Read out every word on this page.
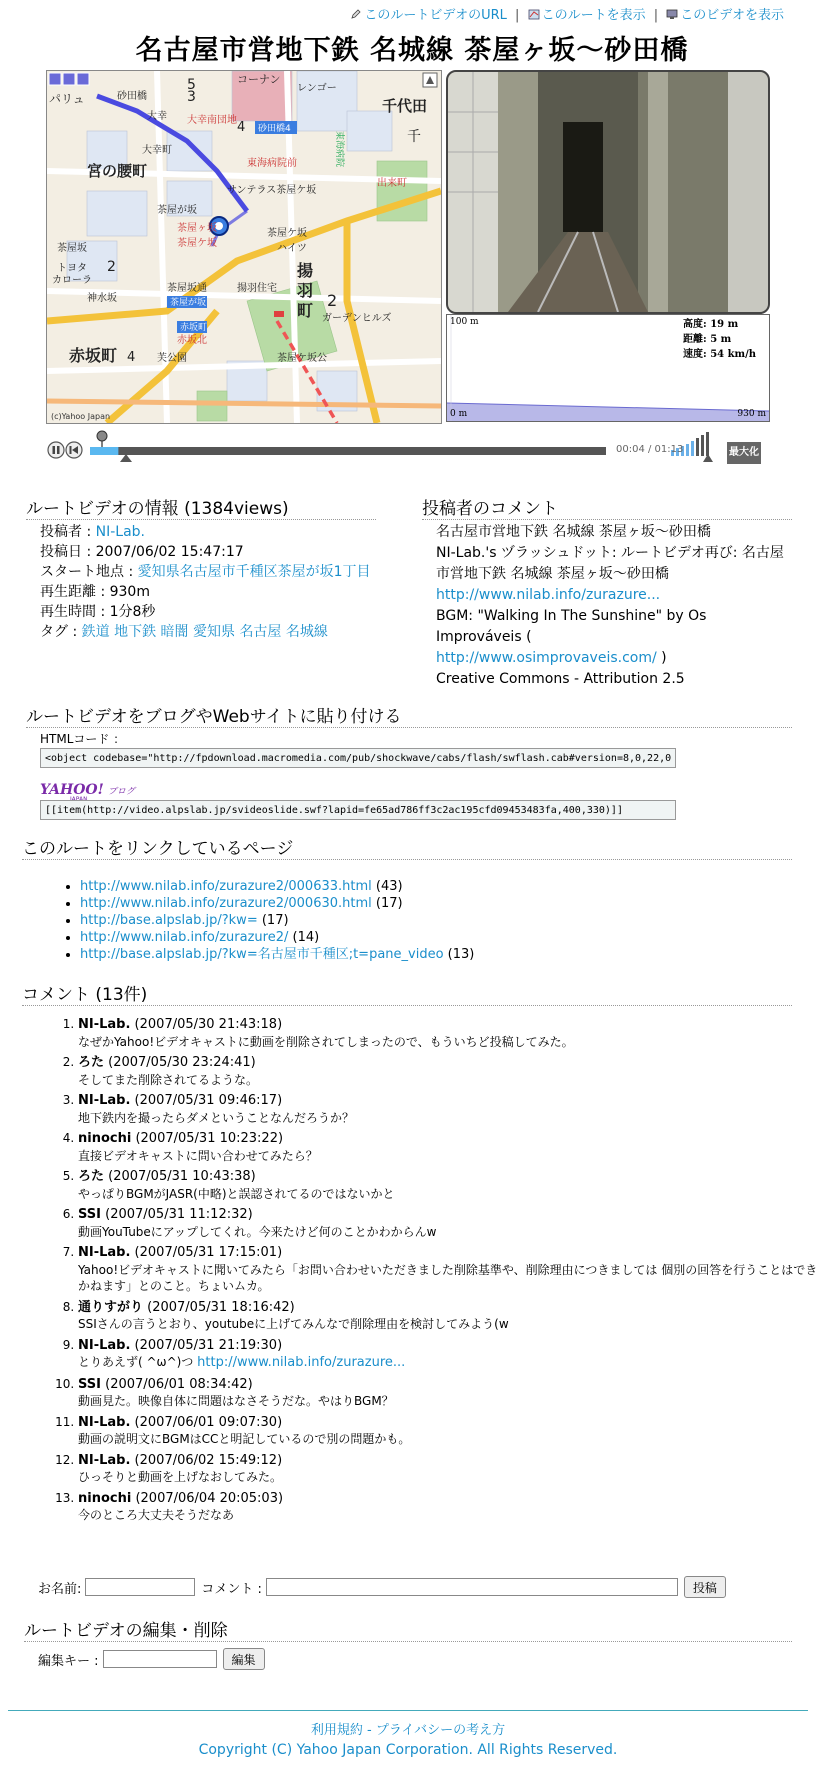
このルートビデオのURL | このルートを表示 | このビデオを表示
名古屋市営地下鉄 名城線 茶屋ヶ坂〜砂田橋
パリュ	砂田橋
5	コーナン
レンゴー
大幸
3
大幸南団地 4 砂田橋4
千代田
東海病院	千
大幸町
東海病院前
出来町
宮の腰町
サンテラス茶屋ケ坂
茶屋が坂
茶屋ヶ坂
茶屋ケ坂
茶屋ケ坂
ハイツ
揚
羽
町
2
ガーデンヒルズ
揚羽住宅
茶屋坂通
茶屋が坂
赤坂町
赤坂北
茶屋ケ坂公
赤坂町 4
トヨタ
カローラ
2
茶屋坂
神水坂
芙公園
(c)Yahoo Japan
100 m
0 m	930 m
高度: 19 m
距離: 5 m
速度: 54 km/h
00:04 / 01:13	最大化
ルートビデオの情報 (1384views)
投稿者 : NI-Lab.
投稿日 : 2007/06/02 15:47:17
スタート地点 : 愛知県名古屋市千種区茶屋が坂1丁目
再生距離 : 930m
再生時間 : 1分8秒
タグ : 鉄道 地下鉄 暗闇 愛知県 名古屋 名城線
投稿者のコメント
名古屋市営地下鉄 名城線 茶屋ヶ坂〜砂田橋
NI-Lab.'s ヅラッシュドット: ルートビデオ再び: 名古屋市営地下鉄 名城線 茶屋ヶ坂〜砂田橋
http://www.nilab.info/zurazure...
BGM: "Walking In The Sunshine" by Os Improváveis (
http://www.osimprovaveis.com/ )
Creative Commons - Attribution 2.5
ルートビデオをブログやWebサイトに貼り付ける
HTMLコード ：
<object codebase="http://fpdownload.macromedia.com/pub/shockwave/cabs/flash/swflash.cab#version=8,0,22,0
YAHOO! ブログ
[[item(http://video.alpslab.jp/svideoslide.swf?lapid=fe65ad786ff3c2ac195cfd09453483fa,400,330)]]
このルートをリンクしているページ
• http://www.nilab.info/zurazure2/000633.html (43)
• http://www.nilab.info/zurazure2/000630.html (17)
• http://base.alpslab.jp/?kw= (17)
• http://www.nilab.info/zurazure2/ (14)
• http://base.alpslab.jp/?kw=名古屋市千種区;t=pane_video (13)
コメント (13件)
1. NI-Lab. (2007/05/30 21:43:18)
なぜかYahoo!ビデオキャストに動画を削除されてしまったので、もういちど投稿してみた。
2. ろた (2007/05/30 23:24:41)
そしてまた削除されてるような。
3. NI-Lab. (2007/05/31 09:46:17)
地下鉄内を撮ったらダメということなんだろうか？
4. ninochi (2007/05/31 10:23:22)
直接ビデオキャストに問い合わせてみたら？
5. ろた (2007/05/31 10:43:38)
やっぱりBGMがJASR(中略)と誤認されてるのではないかと
6. SSI (2007/05/31 11:12:32)
動画YouTubeにアップしてくれ。今来たけど何のことかわからんw
7. NI-Lab. (2007/05/31 17:15:01)
Yahoo!ビデオキャストに聞いてみたら「お問い合わせいただきました削除基準や、削除理由につきましては 個別の回答を行うことはできかねます」とのこと。ちょいムカ。
8. 通りすがり (2007/05/31 18:16:42)
SSIさんの言うとおり、youtubeに上げてみんなで削除理由を検討してみよう(w
9. NI-Lab. (2007/05/31 21:19:30)
とりあえず( ^ω^)つ http://www.nilab.info/zurazure...
10. SSI (2007/06/01 08:34:42)
動画見た。映像自体に問題はなさそうだな。やはりBGM？
11. NI-Lab. (2007/06/01 09:07:30)
動画の説明文にBGMはCCと明記しているので別の問題かも。
12. NI-Lab. (2007/06/02 15:49:12)
ひっそりと動画を上げなおしてみた。
13. ninochi (2007/06/04 20:05:03)
今のところ大丈夫そうだなあ
お名前:	コメント :	投稿
ルートビデオの編集・削除
編集キー :	編集
利用規約 - プライバシーの考え方
Copyright (C) Yahoo Japan Corporation. All Rights Reserved.
